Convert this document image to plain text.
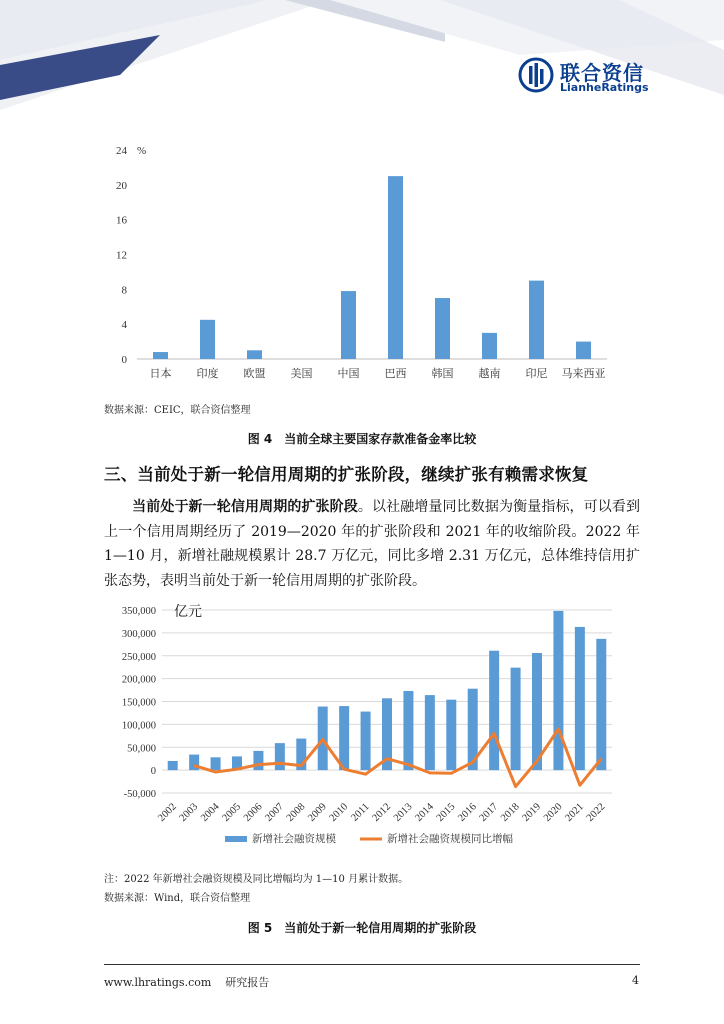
联合资信
LianheRatings
0
4
8
12
16
20
24 %
日本 印度 欧盟 美国 中国 巴西 韩国 越南 印尼 马来西亚
数据来源：CEIC，联合资信整理
图 4 当前全球主要国家存款准备金率比较
三、当前处于新一轮信用周期的扩张阶段，继续扩张有赖需求恢复
当前处于新一轮信用周期的扩张阶段。以社融增量同比数据为衡量指标，可以看到上一个信用周期经历了 2019—2020 年的扩张阶段和 2021 年的收缩阶段。2022 年 1—10 月，新增社融规模累计 28.7 万亿元，同比多增 2.31 万亿元，总体维持信用扩张态势，表明当前处于新一轮信用周期的扩张阶段。
-50,000
0
50,000
100,000
150,000
200,000
250,000
300,000
350,000 亿元
2002
2003
2004
2005
2006
2007
2008
2009
2010 2011
2012
2013
2014
2015
2016
2017
2018
2019
2020
2021
2022
新增社会融资规模	新增社会融资规模同比增幅
注：2022 年新增社会融资规模及同比增幅均为 1—10 月累计数据。
数据来源：Wind，联合资信整理
图 5 当前处于新一轮信用周期的扩张阶段
www.lhratings.com 研究报告	4
